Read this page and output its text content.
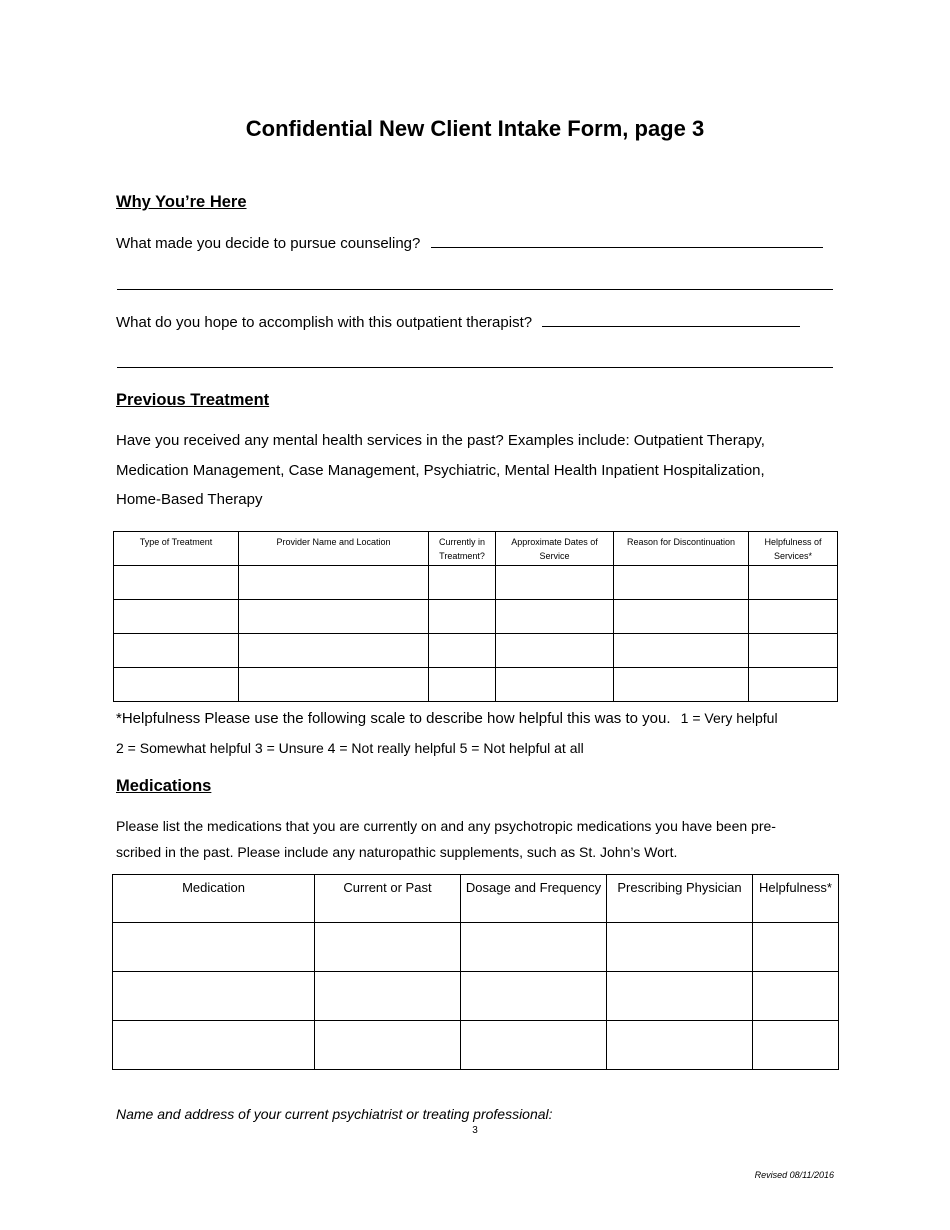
Confidential New Client Intake Form, page 3
Why You’re Here
What made you decide to pursue counseling?
What do you hope to accomplish with this outpatient therapist?
Previous Treatment
Have you received any mental health services in the past? Examples include: Outpatient Therapy,
Medication Management, Case Management, Psychiatric, Mental Health Inpatient Hospitalization,
Home-Based Therapy
Type of Treatment	Provider Name and Location	Currently in Treatment?	Approximate Dates of Service	Reason for Discontinuation	Helpfulness of Services*

*Helpfulness Please use the following scale to describe how helpful this was to you. 1 = Very helpful
2 = Somewhat helpful 3 = Unsure 4 = Not really helpful 5 = Not helpful at all
Medications
Please list the medications that you are currently on and any psychotropic medications you have been pre-
scribed in the past. Please include any naturopathic supplements, such as St. John’s Wort.
Medication	Current or Past	Dosage and Frequency	Prescribing Physician	Helpfulness*

Name and address of your current psychiatrist or treating professional:
3
Revised 08/11/2016
